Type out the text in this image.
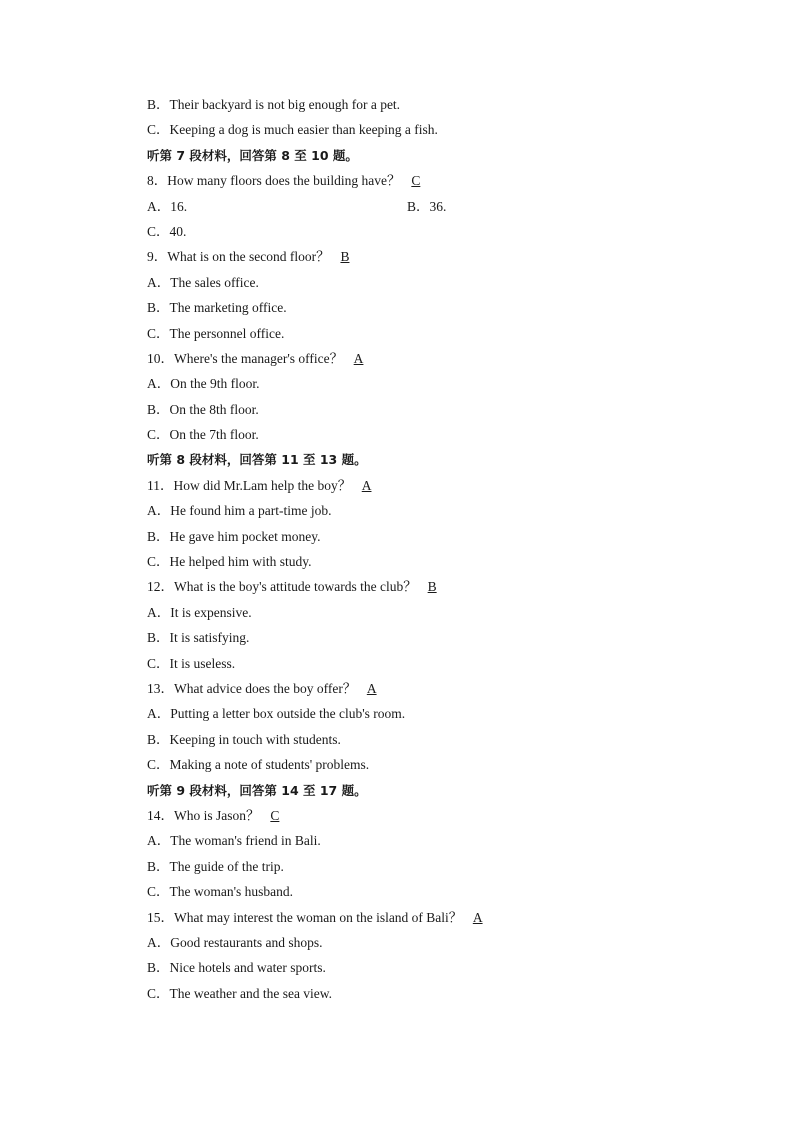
B．Their backyard is not big enough for a pet.
C．Keeping a dog is much easier than keeping a fish.
听第 7 段材料，回答第 8 至 10 题。
8．How many floors does the building have？ C
A．16.	B．36.
C．40.
9．What is on the second floor？ B
A．The sales office.
B．The marketing office.
C．The personnel office.
10．Where's the manager's office？ A
A．On the 9th floor.
B．On the 8th floor.
C．On the 7th floor.
听第 8 段材料，回答第 11 至 13 题。
11．How did Mr.Lam help the boy？ A
A．He found him a part-time job.
B．He gave him pocket money.
C．He helped him with study.
12．What is the boy's attitude towards the club？ B
A．It is expensive.
B．It is satisfying.
C．It is useless.
13．What advice does the boy offer？ A
A．Putting a letter box outside the club's room.
B．Keeping in touch with students.
C．Making a note of students' problems.
听第 9 段材料，回答第 14 至 17 题。
14．Who is Jason？ C
A．The woman's friend in Bali.
B．The guide of the trip.
C．The woman's husband.
15．What may interest the woman on the island of Bali？ A
A．Good restaurants and shops.
B．Nice hotels and water sports.
C．The weather and the sea view.
